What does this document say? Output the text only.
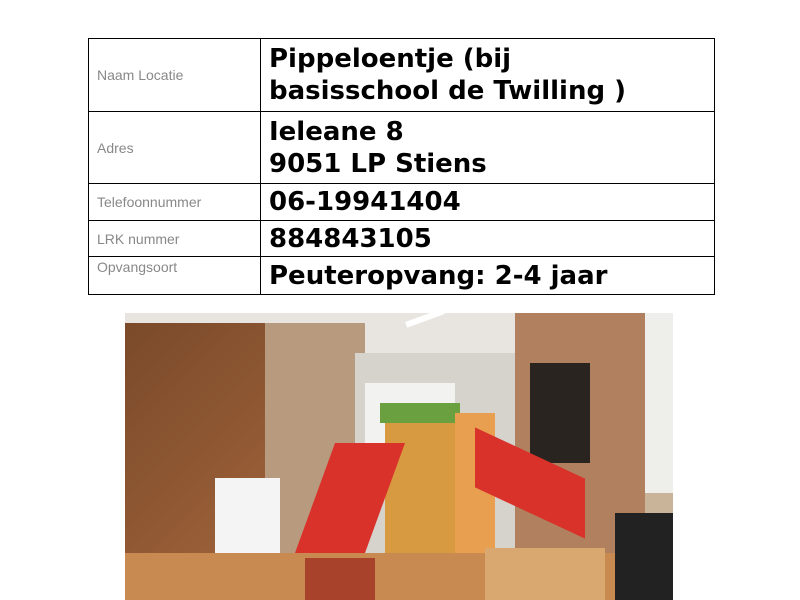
Naam Locatie	Pippeloentje (bij
basisschool de Twilling )

Adres	Ieleane 8
9051 LP Stiens

Telefoonnummer	06-19941404
LRK nummer	884843105
Opvangsoort	Peuteropvang: 2-4 jaar
